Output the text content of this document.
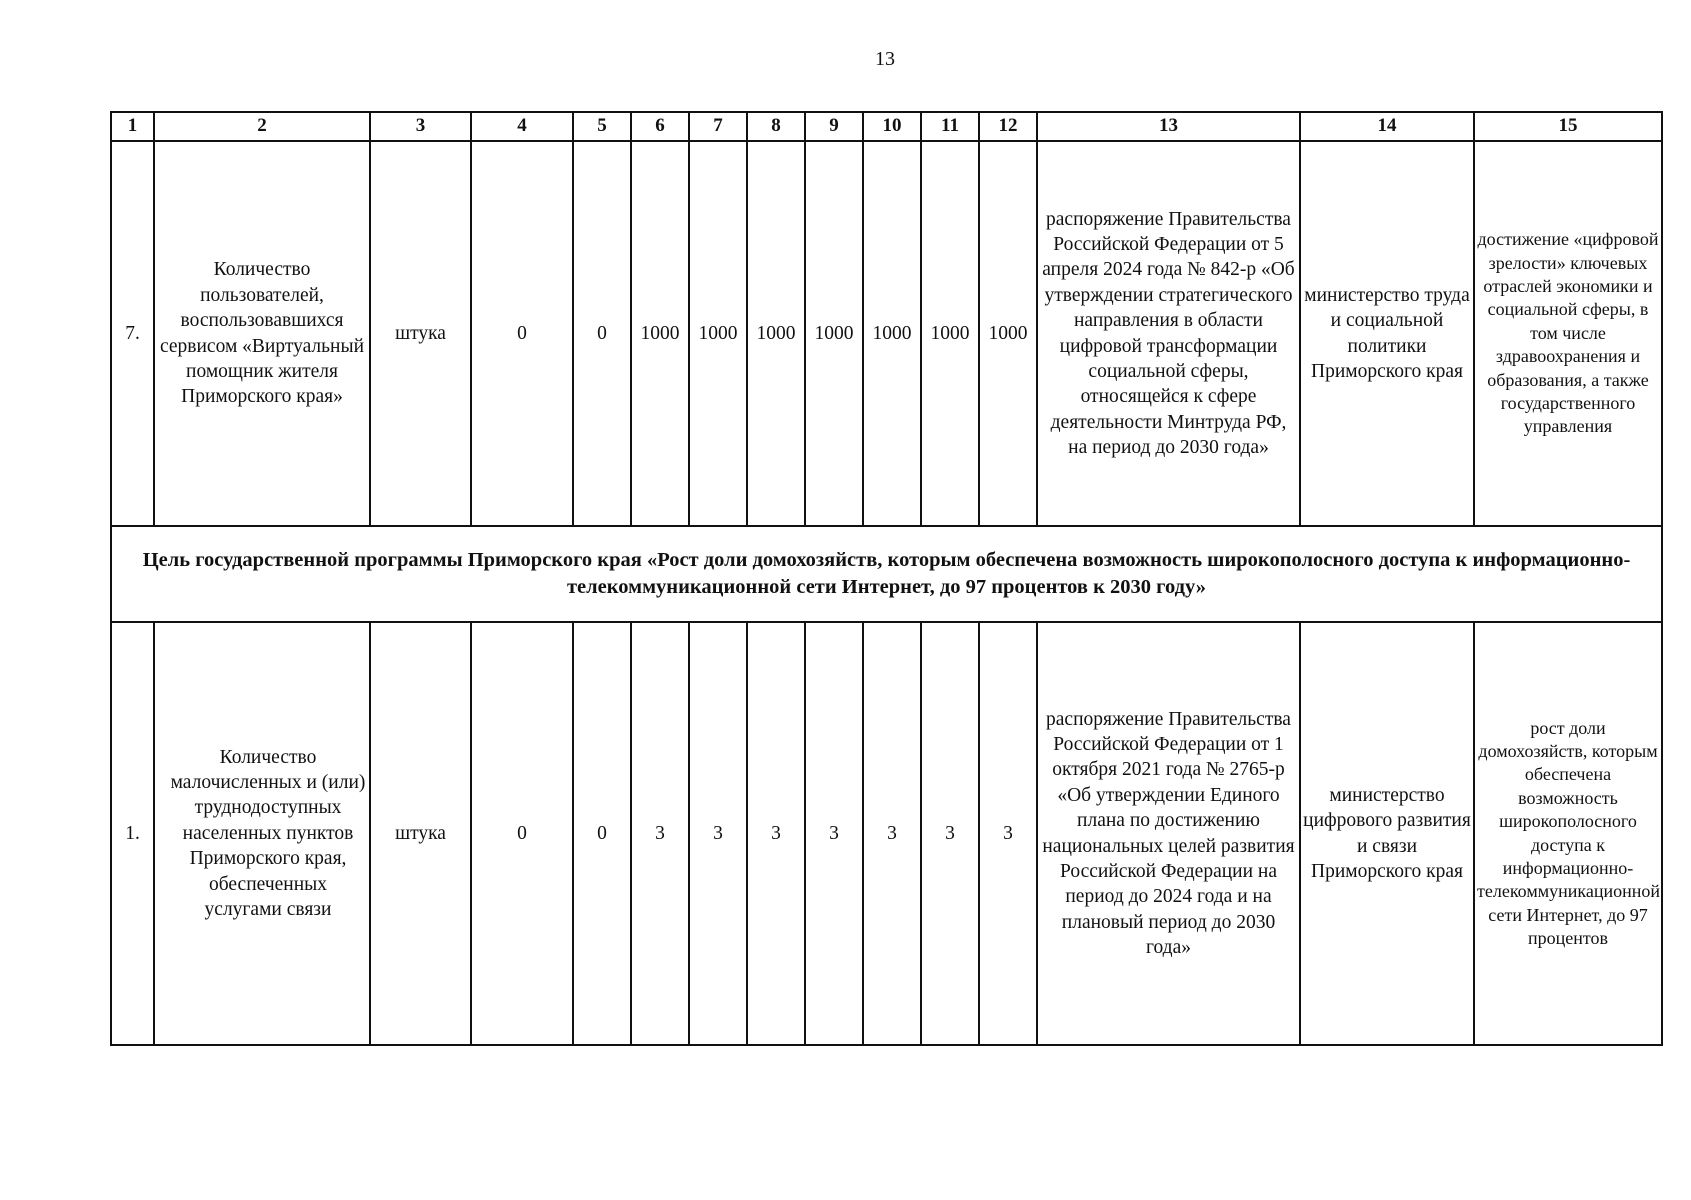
13
1	2	3	4	5	6	7	8	9	10	11	12	13	14	15
7.	Количество пользователей, воспользовавшихся сервисом «Виртуальный помощник жителя Приморского края»	штука	0	0	1000	1000	1000	1000	1000	1000	1000	распоряжение Правительства Российской Федерации от 5 апреля 2024 года № 842-р «Об утверждении стратегического направления в области цифровой трансформации социальной сферы, относящейся к сфере деятельности Минтруда РФ, на период до 2030 года»	министерство труда и социальной политики Приморского края	достижение «цифровой зрелости» ключевых отраслей экономики и социальной сферы, в том числе здравоохранения и образования, а также государственного управления
Цель государственной программы Приморского края «Рост доли домохозяйств, которым обеспечена возможность широкополосного доступа к информационно-телекоммуникационной сети Интернет, до 97 процентов к 2030 году»														
1.	Количество малочисленных и (или) труднодоступных населенных пунктов Приморского края, обеспеченных услугами связи	штука	0	0	3	3	3	3	3	3	3	распоряжение Правительства Российской Федерации от 1 октября 2021 года № 2765-р «Об утверждении Единого плана по достижению национальных целей развития Российской Федерации на период до 2024 года и на плановый период до 2030 года»	министерство цифрового развития и связи Приморского края	рост доли домохозяйств, которым обеспечена возможность широкополосного доступа к информационно-телекоммуникационной сети Интернет, до 97 процентов
